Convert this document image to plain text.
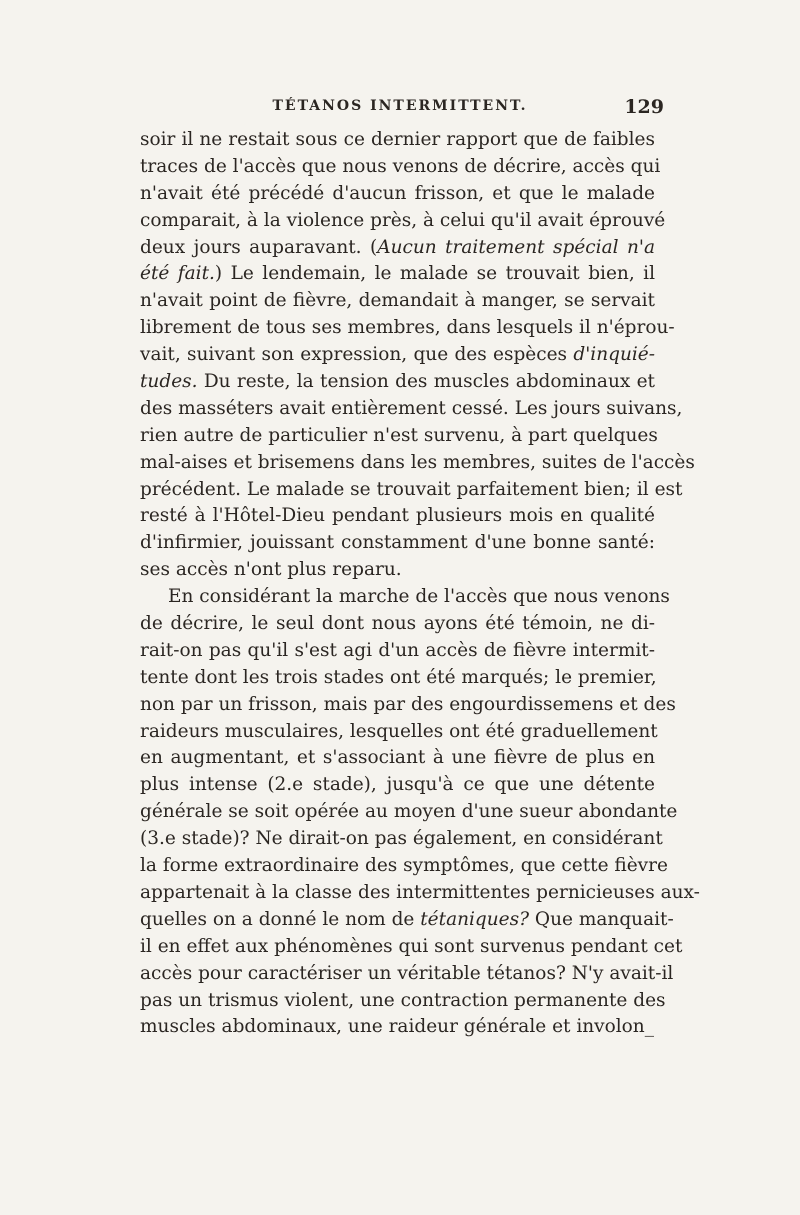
TÉTANOS INTERMITTENT.	129
soir il ne restait sous ce dernier rapport que de faibles
traces de l'accès que nous venons de décrire, accès qui
n'avait été précédé d'aucun frisson, et que le malade
comparait, à la violence près, à celui qu'il avait éprouvé
deux jours auparavant. (Aucun traitement spécial n'a
été fait.) Le lendemain, le malade se trouvait bien, il
n'avait point de fièvre, demandait à manger, se servait
librement de tous ses membres, dans lesquels il n'éprou-
vait, suivant son expression, que des espèces d'inquié-
tudes. Du reste, la tension des muscles abdominaux et
des masséters avait entièrement cessé. Les jours suivans,
rien autre de particulier n'est survenu, à part quelques
mal-aises et brisemens dans les membres, suites de l'accès
précédent. Le malade se trouvait parfaitement bien; il est
resté à l'Hôtel-Dieu pendant plusieurs mois en qualité
d'infirmier, jouissant constamment d'une bonne santé:
ses accès n'ont plus reparu.
En considérant la marche de l'accès que nous venons
de décrire, le seul dont nous ayons été témoin, ne di-
rait-on pas qu'il s'est agi d'un accès de fièvre intermit-
tente dont les trois stades ont été marqués; le premier,
non par un frisson, mais par des engourdissemens et des
raideurs musculaires, lesquelles ont été graduellement
en augmentant, et s'associant à une fièvre de plus en
plus intense (2.e stade), jusqu'à ce que une détente
générale se soit opérée au moyen d'une sueur abondante
(3.e stade)? Ne dirait-on pas également, en considérant
la forme extraordinaire des symptômes, que cette fièvre
appartenait à la classe des intermittentes pernicieuses aux-
quelles on a donné le nom de tétaniques? Que manquait-
il en effet aux phénomènes qui sont survenus pendant cet
accès pour caractériser un véritable tétanos? N'y avait-il
pas un trismus violent, une contraction permanente des
muscles abdominaux, une raideur générale et involon_
